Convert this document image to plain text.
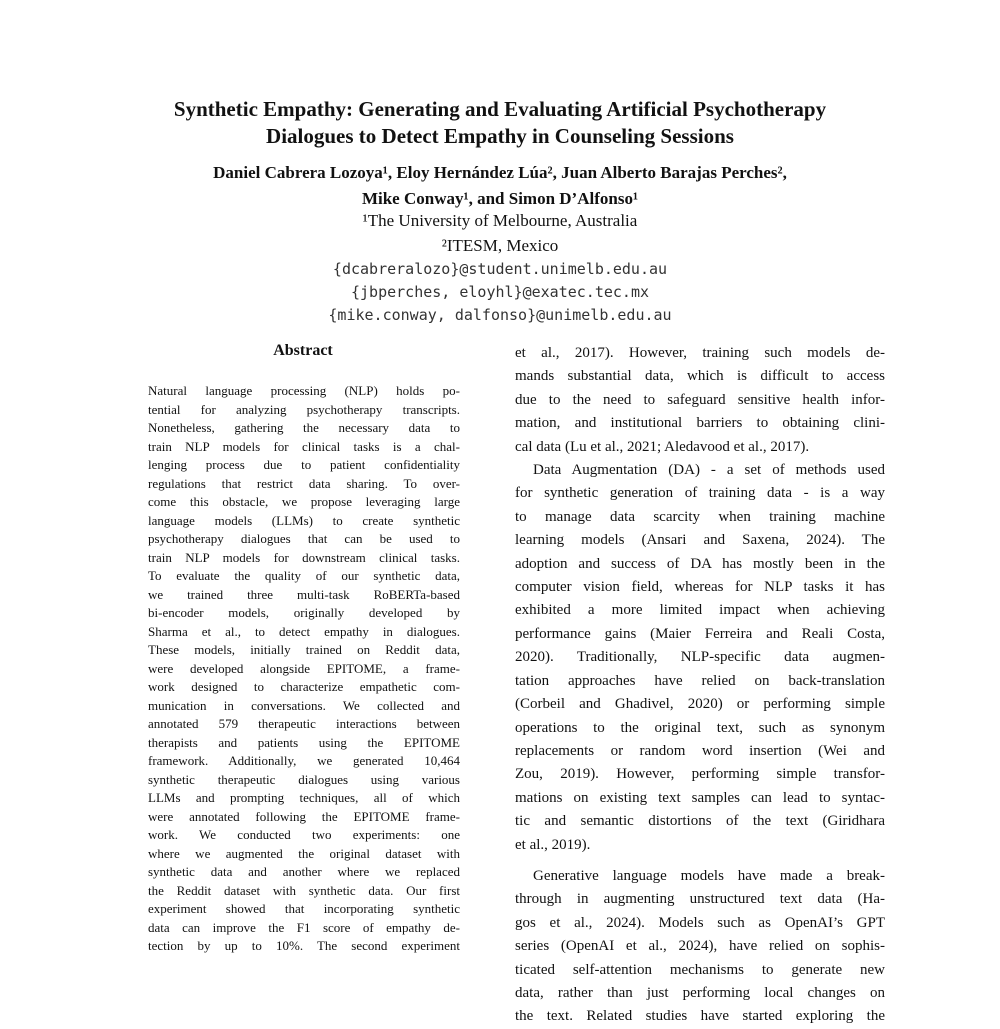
Synthetic Empathy: Generating and Evaluating Artificial Psychotherapy
Dialogues to Detect Empathy in Counseling Sessions
Daniel Cabrera Lozoya¹, Eloy Hernández Lúa², Juan Alberto Barajas Perches²,
Mike Conway¹, and Simon D’Alfonso¹
¹The University of Melbourne, Australia
²ITESM, Mexico
{dcabreralozo}@student.unimelb.edu.au
{jbperches, eloyhl}@exatec.tec.mx
{mike.conway, dalfonso}@unimelb.edu.au
Abstract
Natural language processing (NLP) holds po-
tential for analyzing psychotherapy transcripts.
Nonetheless, gathering the necessary data to
train NLP models for clinical tasks is a chal-
lenging process due to patient confidentiality
regulations that restrict data sharing. To over-
come this obstacle, we propose leveraging large
language models (LLMs) to create synthetic
psychotherapy dialogues that can be used to
train NLP models for downstream clinical tasks.
To evaluate the quality of our synthetic data,
we trained three multi-task RoBERTa-based
bi-encoder models, originally developed by
Sharma et al., to detect empathy in dialogues.
These models, initially trained on Reddit data,
were developed alongside EPITOME, a frame-
work designed to characterize empathetic com-
munication in conversations. We collected and
annotated 579 therapeutic interactions between
therapists and patients using the EPITOME
framework. Additionally, we generated 10,464
synthetic therapeutic dialogues using various
LLMs and prompting techniques, all of which
were annotated following the EPITOME frame-
work. We conducted two experiments: one
where we augmented the original dataset with
synthetic data and another where we replaced
the Reddit dataset with synthetic data. Our first
experiment showed that incorporating synthetic
data can improve the F1 score of empathy de-
tection by up to 10%. The second experiment
et al., 2017). However, training such models de-
mands substantial data, which is difficult to access
due to the need to safeguard sensitive health infor-
mation, and institutional barriers to obtaining clini-
cal data (Lu et al., 2021; Aledavood et al., 2017).
Data Augmentation (DA) - a set of methods used
for synthetic generation of training data - is a way
to manage data scarcity when training machine
learning models (Ansari and Saxena, 2024). The
adoption and success of DA has mostly been in the
computer vision field, whereas for NLP tasks it has
exhibited a more limited impact when achieving
performance gains (Maier Ferreira and Reali Costa,
2020). Traditionally, NLP-specific data augmen-
tation approaches have relied on back-translation
(Corbeil and Ghadivel, 2020) or performing simple
operations to the original text, such as synonym
replacements or random word insertion (Wei and
Zou, 2019). However, performing simple transfor-
mations on existing text samples can lead to syntac-
tic and semantic distortions of the text (Giridhara
et al., 2019).
Generative language models have made a break-
through in augmenting unstructured text data (Ha-
gos et al., 2024). Models such as OpenAI’s GPT
series (OpenAI et al., 2024), have relied on sophis-
ticated self-attention mechanisms to generate new
data, rather than just performing local changes on
the text. Related studies have started exploring the
